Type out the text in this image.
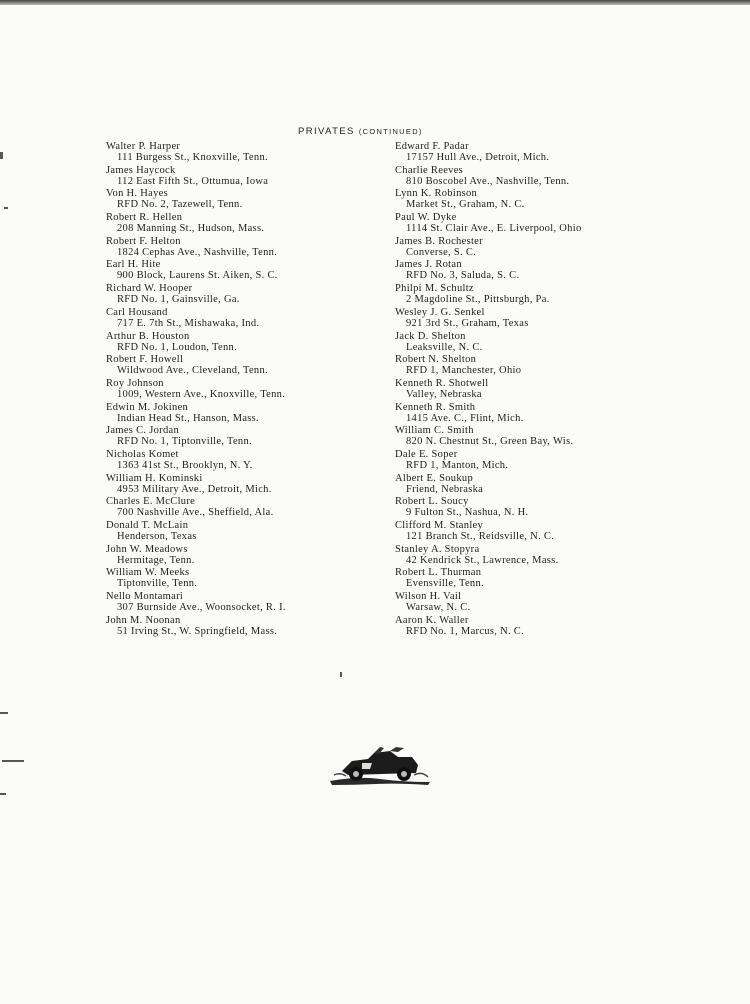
PRIVATES (CONTINUED)
Walter P. Harper
111 Burgess St., Knoxville, Tenn.
James Haycock
112 East Fifth St., Ottumua, Iowa
Von H. Hayes
RFD No. 2, Tazewell, Tenn.
Robert R. Hellen
208 Manning St., Hudson, Mass.
Robert F. Helton
1824 Cephas Ave., Nashville, Tenn.
Earl H. Hite
900 Block, Laurens St. Aiken, S. C.
Richard W. Hooper
RFD No. 1, Gainsville, Ga.
Carl Housand
717 E. 7th St., Mishawaka, Ind.
Arthur B. Houston
RFD No. 1, Loudon, Tenn.
Robert F. Howell
Wildwood Ave., Cleveland, Tenn.
Roy Johnson
1009, Western Ave., Knoxville, Tenn.
Edwin M. Jokinen
Indian Head St., Hanson, Mass.
James C. Jordan
RFD No. 1, Tiptonville, Tenn.
Nicholas Komet
1363 41st St., Brooklyn, N. Y.
William H. Kominski
4953 Military Ave., Detroit, Mich.
Charles E. McClure
700 Nashville Ave., Sheffield, Ala.
Donald T. McLain
Henderson, Texas
John W. Meadows
Hermitage, Tenn.
William W. Meeks
Tiptonville, Tenn.
Nello Montamari
307 Burnside Ave., Woonsocket, R. I.
John M. Noonan
51 Irving St., W. Springfield, Mass.
Edward F. Padar
17157 Hull Ave., Detroit, Mich.
Charlie Reeves
810 Boscobel Ave., Nashville, Tenn.
Lynn K. Robinson
Market St., Graham, N. C.
Paul W. Dyke
1114 St. Clair Ave., E. Liverpool, Ohio
James B. Rochester
Converse, S. C.
James J. Rotan
RFD No. 3, Saluda, S. C.
Philpi M. Schultz
2 Magdoline St., Pittsburgh, Pa.
Wesley J. G. Senkel
921 3rd St., Graham, Texas
Jack D. Shelton
Leaksville, N. C.
Robert N. Shelton
RFD 1, Manchester, Ohio
Kenneth R. Shotwell
Valley, Nebraska
Kenneth R. Smith
1415 Ave. C., Flint, Mich.
William C. Smith
820 N. Chestnut St., Green Bay, Wis.
Dale E. Soper
RFD 1, Manton, Mich.
Albert E. Soukup
Friend, Nebraska
Robert L. Soucy
9 Fulton St., Nashua, N. H.
Clifford M. Stanley
121 Branch St., Reidsville, N. C.
Stanley A. Stopyra
42 Kendrick St., Lawrence, Mass.
Robert L. Thurman
Evensville, Tenn.
Wilson H. Vail
Warsaw, N. C.
Aaron K. Waller
RFD No. 1, Marcus, N. C.
